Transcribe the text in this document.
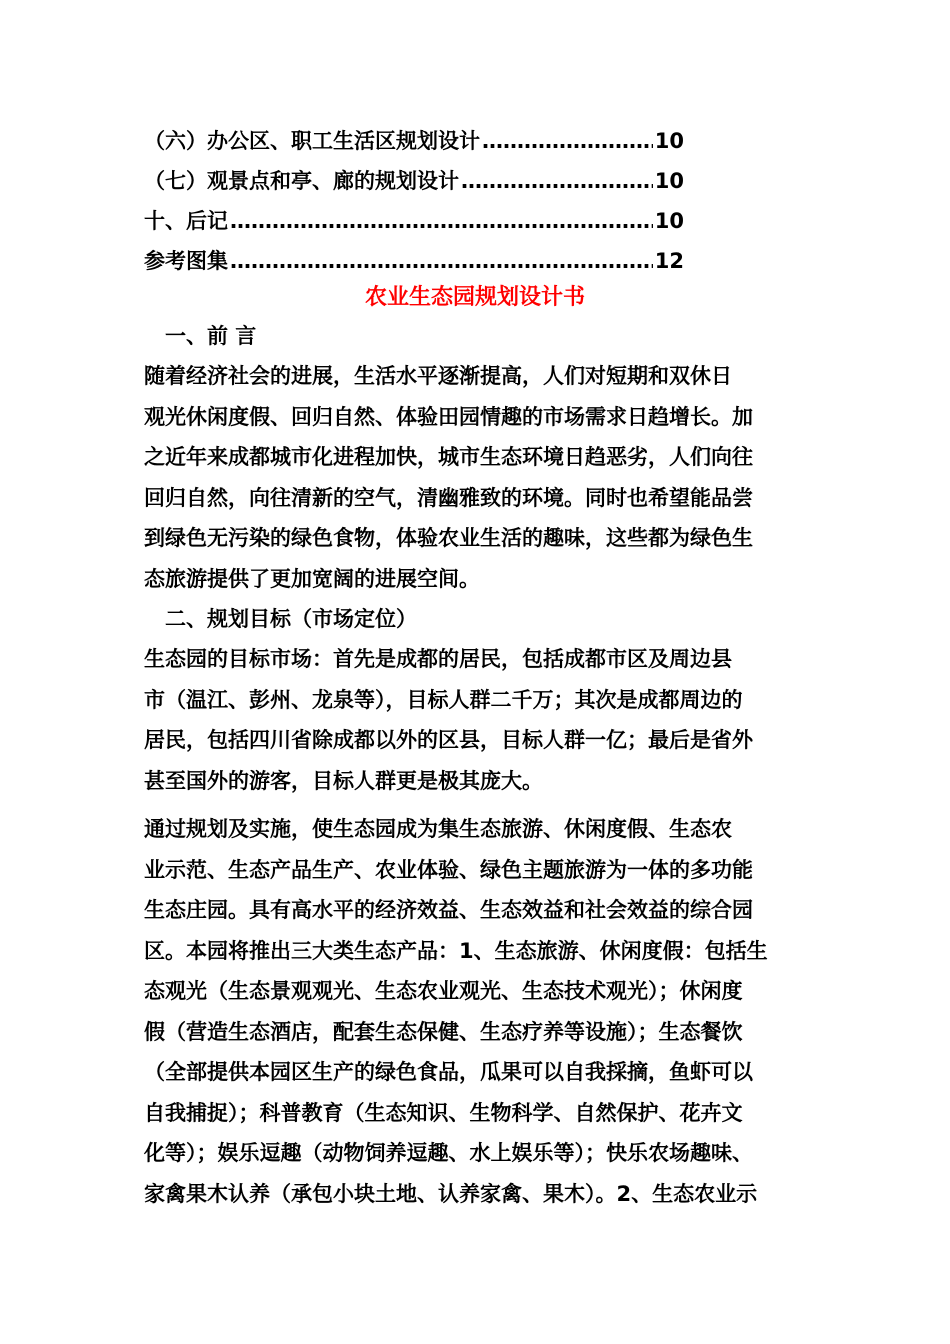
（六）办公区、职工生活区规划设计 …………………………………………………………………………………………………………………………	10
（七）观景点和亭、廊的规划设计 …………………………………………………………………………………………………………………………	10
十、后记 …………………………………………………………………………………………………………………………	10
参考图集 …………………………………………………………………………………………………………………………	12
农业生态园规划设计书
一、前 言
随着经济社会的进展，生活水平逐渐提高，人们对短期和双休日
观光休闲度假、回归自然、体验田园情趣的市场需求日趋增长。加
之近年来成都城市化进程加快，城市生态环境日趋恶劣，人们向往
回归自然，向往清新的空气，清幽雅致的环境。同时也希望能品尝
到绿色无污染的绿色食物，体验农业生活的趣味，这些都为绿色生
态旅游提供了更加宽阔的进展空间。
二、规划目标（市场定位）
生态园的目标市场：首先是成都的居民，包括成都市区及周边县
市（温江、彭州、龙泉等），目标人群二千万；其次是成都周边的
居民，包括四川省除成都以外的区县，目标人群一亿；最后是省外
甚至国外的游客，目标人群更是极其庞大。
通过规划及实施，使生态园成为集生态旅游、休闲度假、生态农
业示范、生态产品生产、农业体验、绿色主题旅游为一体的多功能
生态庄园。具有高水平的经济效益、生态效益和社会效益的综合园
区。本园将推出三大类生态产品：1、生态旅游、休闲度假：包括生
态观光（生态景观观光、生态农业观光、生态技术观光）；休闲度
假（营造生态酒店，配套生态保健、生态疗养等设施）；生态餐饮
（全部提供本园区生产的绿色食品，瓜果可以自我採摘，鱼虾可以
自我捕捉）；科普教育（生态知识、生物科学、自然保护、花卉文
化等）；娱乐逗趣（动物饲养逗趣、水上娱乐等）；快乐农场趣味、
家禽果木认养（承包小块土地、认养家禽、果木）。2、生态农业示
